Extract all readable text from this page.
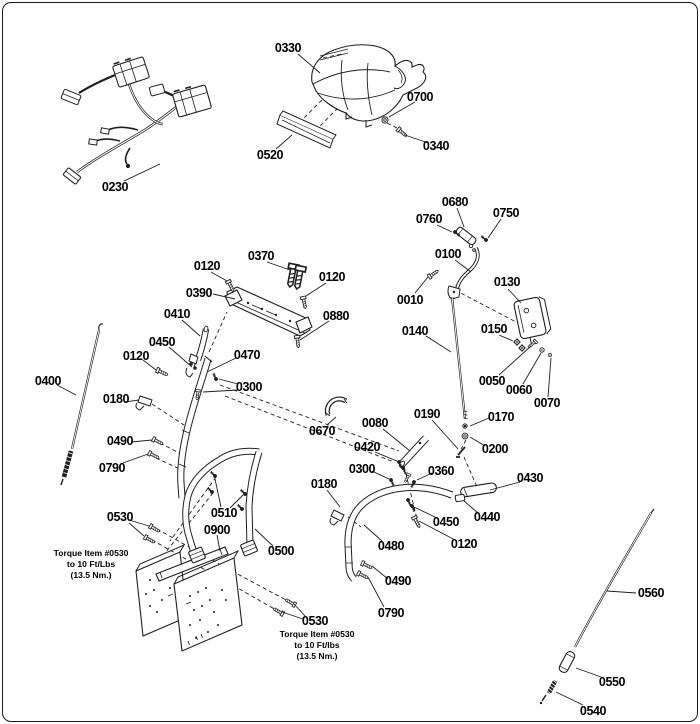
0230
0330
0700
0340
0520
0680
0760	0750
0100
0010
0130
0140	0150
0050
0060
0070
0170
0200
0190
0120
0370
0390
0120
0880
0410
0450
0120	0470
0300
0180
0400
0490
0790
0670
0080
0420
0300	0360
0180	0430
0440
0450
0120
0480
0530	0510
0900
0500
0490
0790
0530
0560
0550
0540
Torque Item #0530
to 10 Ft/Lbs
(13.5 Nm.)
Torque Item #0530
to 10 Ft/lbs
(13.5 Nm.)
